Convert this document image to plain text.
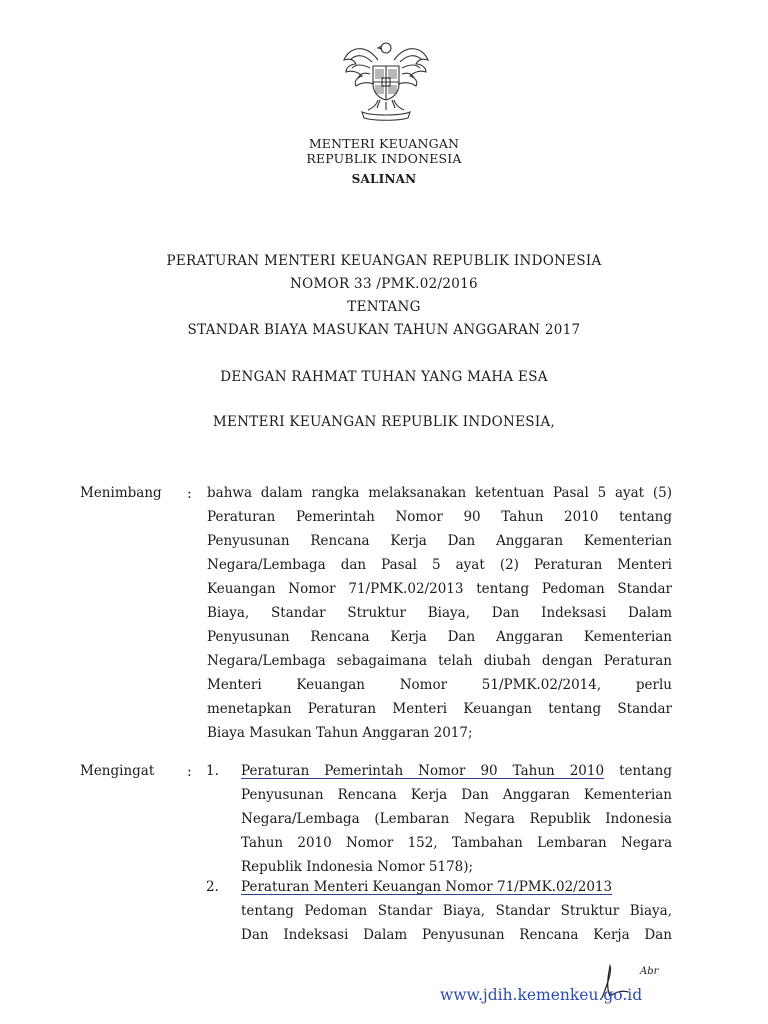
MENTERI KEUANGAN
REPUBLIK INDONESIA
SALINAN
PERATURAN MENTERI KEUANGAN REPUBLIK INDONESIA
NOMOR 33 /PMK.02/2016
TENTANG
STANDAR BIAYA MASUKAN TAHUN ANGGARAN 2017
DENGAN RAHMAT TUHAN YANG MAHA ESA
MENTERI KEUANGAN REPUBLIK INDONESIA,
Menimbang : bahwa dalam rangka melaksanakan ketentuan Pasal 5 ayat (5)
Peraturan Pemerintah Nomor 90 Tahun 2010 tentang
Penyusunan Rencana Kerja Dan Anggaran Kementerian
Negara/Lembaga dan Pasal 5 ayat (2) Peraturan Menteri
Keuangan Nomor 71/PMK.02/2013 tentang Pedoman Standar
Biaya, Standar Struktur Biaya, Dan Indeksasi Dalam
Penyusunan Rencana Kerja Dan Anggaran Kementerian
Negara/Lembaga sebagaimana telah diubah dengan Peraturan
Menteri Keuangan Nomor 51/PMK.02/2014, perlu
menetapkan Peraturan Menteri Keuangan tentang Standar
Biaya Masukan Tahun Anggaran 2017;
Mengingat : 1. Peraturan Pemerintah Nomor 90 Tahun 2010 tentang
Penyusunan Rencana Kerja Dan Anggaran Kementerian
Negara/Lembaga (Lembaran Negara Republik Indonesia
Tahun 2010 Nomor 152, Tambahan Lembaran Negara
Republik Indonesia Nomor 5178);
2. Peraturan Menteri Keuangan Nomor 71/PMK.02/2013
tentang Pedoman Standar Biaya, Standar Struktur Biaya,
Dan Indeksasi Dalam Penyusunan Rencana Kerja Dan
Abr
www.jdih.kemenkeu.go.id
